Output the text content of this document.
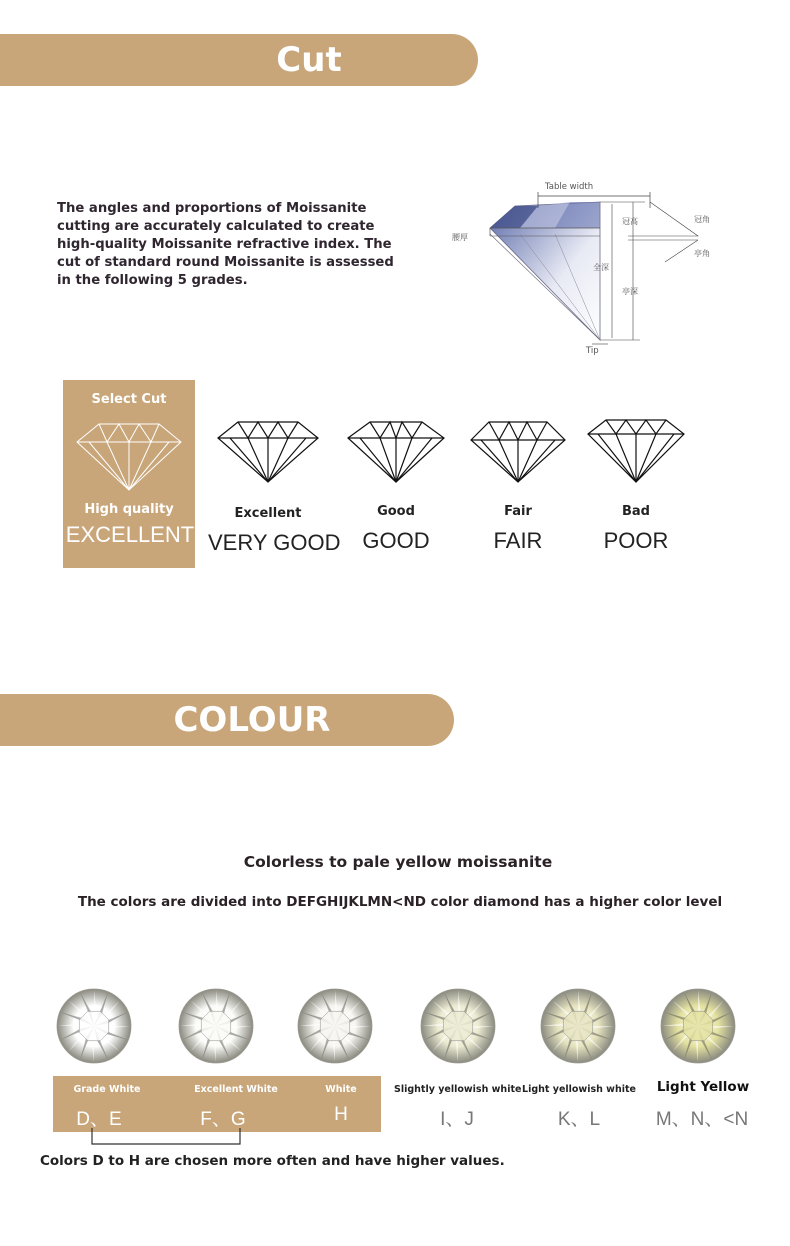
Cut
The angles and proportions of Moissanite cutting are accurately calculated to create high-quality Moissanite refractive index. The cut of standard round Moissanite is assessed in the following 5 grades.
Table width
全深
冠高
亭深
冠角
亭角
腰厚
Tip
Select Cut
High quality
EXCELLENT
Excellent
VERY GOOD
Good
GOOD
Fair
FAIR
Bad
POOR
COLOUR
Colorless to pale yellow moissanite
The colors are divided into DEFGHIJKLMN<ND color diamond has a higher color level
Grade White
D、E
Excellent White
F、G
White
H
Slightly yellowish white
I、J
Light yellowish white
K、L
Light Yellow
M、N、<N
Colors D to H are chosen more often and have higher values.
